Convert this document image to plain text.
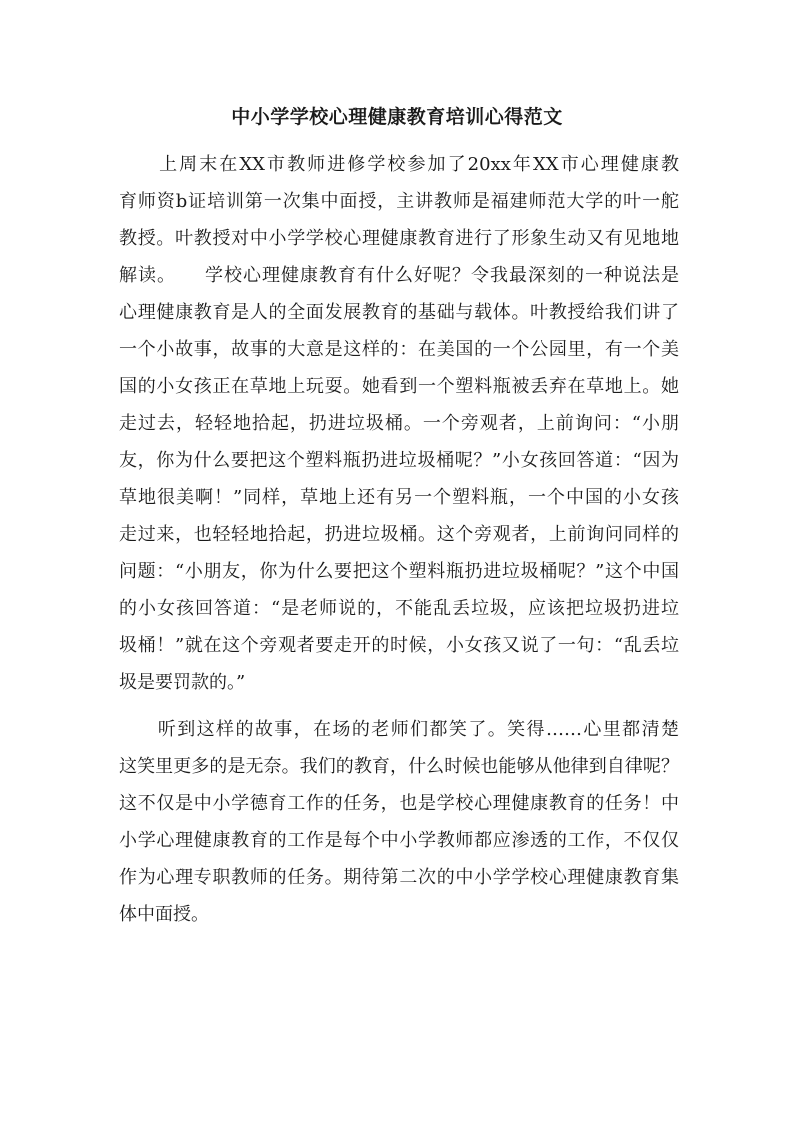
中小学学校心理健康教育培训心得范文
　　上周末在XX市教师进修学校参加了20xx年XX市心理健康教
育师资b证培训第一次集中面授，主讲教师是福建师范大学的叶一舵
教授。叶教授对中小学学校心理健康教育进行了形象生动又有见地地
解读。　　学校心理健康教育有什么好呢？令我最深刻的一种说法是
心理健康教育是人的全面发展教育的基础与载体。叶教授给我们讲了
一个小故事，故事的大意是这样的：在美国的一个公园里，有一个美
国的小女孩正在草地上玩耍。她看到一个塑料瓶被丢弃在草地上。她
走过去，轻轻地拾起，扔进垃圾桶。一个旁观者，上前询问：“小朋
友，你为什么要把这个塑料瓶扔进垃圾桶呢？”小女孩回答道：“因为
草地很美啊！”同样，草地上还有另一个塑料瓶，一个中国的小女孩
走过来，也轻轻地拾起，扔进垃圾桶。这个旁观者，上前询问同样的
问题：“小朋友，你为什么要把这个塑料瓶扔进垃圾桶呢？”这个中国
的小女孩回答道：“是老师说的，不能乱丢垃圾，应该把垃圾扔进垃
圾桶！”就在这个旁观者要走开的时候，小女孩又说了一句：“乱丢垃
圾是要罚款的。”
　　听到这样的故事，在场的老师们都笑了。笑得……心里都清楚
这笑里更多的是无奈。我们的教育，什么时候也能够从他律到自律呢？
这不仅是中小学德育工作的任务，也是学校心理健康教育的任务！中
小学心理健康教育的工作是每个中小学教师都应渗透的工作，不仅仅
作为心理专职教师的任务。期待第二次的中小学学校心理健康教育集
体中面授。
